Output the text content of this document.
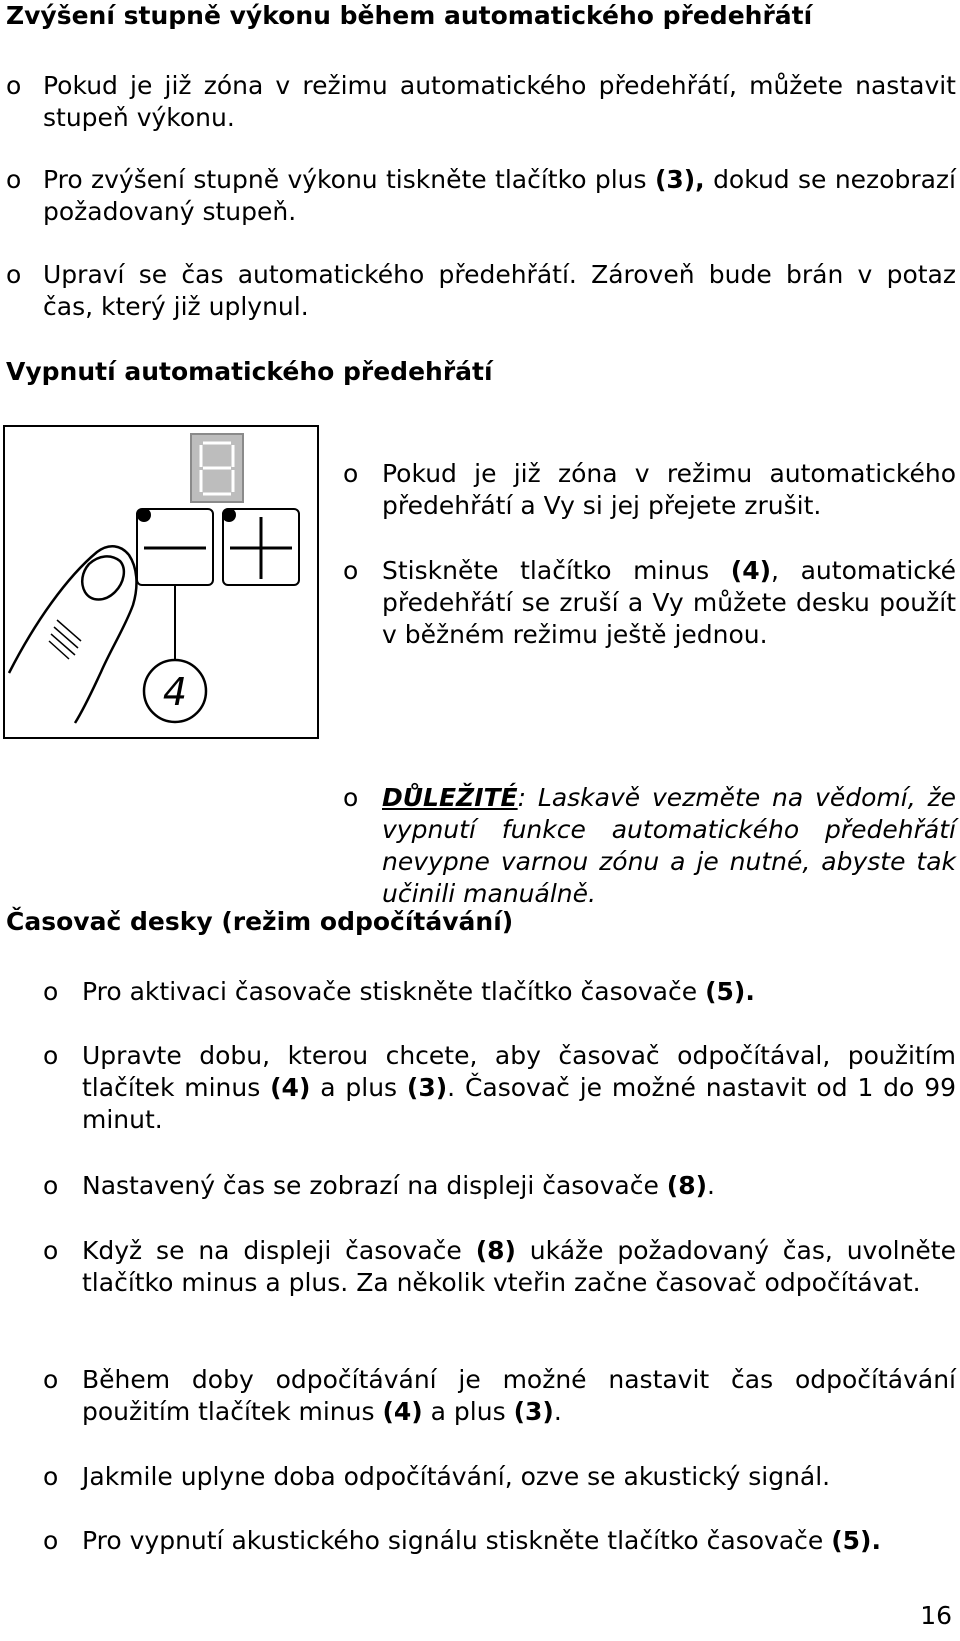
Zvýšení stupně výkonu během automatického předehřátí
o Pokud je již zóna v režimu automatického předehřátí, můžete nastavit stupeň výkonu.
o Pro zvýšení stupně výkonu tiskněte tlačítko plus (3), dokud se nezobrazí požadovaný stupeň.
o Upraví se čas automatického předehřátí. Zároveň bude brán v potaz čas, který již uplynul.
Vypnutí automatického předehřátí
4
o Pokud je již zóna v režimu automatického předehřátí a Vy si jej přejete zrušit.
o Stiskněte tlačítko minus (4), automatické předehřátí se zruší a Vy můžete desku použít v běžném režimu ještě jednou.
o DŮLEŽITÉ: Laskavě vezměte na vědomí, že vypnutí funkce automatického předehřátí nevypne varnou zónu a je nutné, abyste tak učinili manuálně.
Časovač desky (režim odpočítávání)
o Pro aktivaci časovače stiskněte tlačítko časovače (5).
o Upravte dobu, kterou chcete, aby časovač odpočítával, použitím tlačítek minus (4) a plus (3). Časovač je možné nastavit od 1 do 99 minut.
o Nastavený čas se zobrazí na displeji časovače (8).
o Když se na displeji časovače (8) ukáže požadovaný čas, uvolněte tlačítko minus a plus. Za několik vteřin začne časovač odpočítávat.
o Během doby odpočítávání je možné nastavit čas odpočítávání použitím tlačítek minus (4) a plus (3).
o Jakmile uplyne doba odpočítávání, ozve se akustický signál.
o Pro vypnutí akustického signálu stiskněte tlačítko časovače (5).
16
